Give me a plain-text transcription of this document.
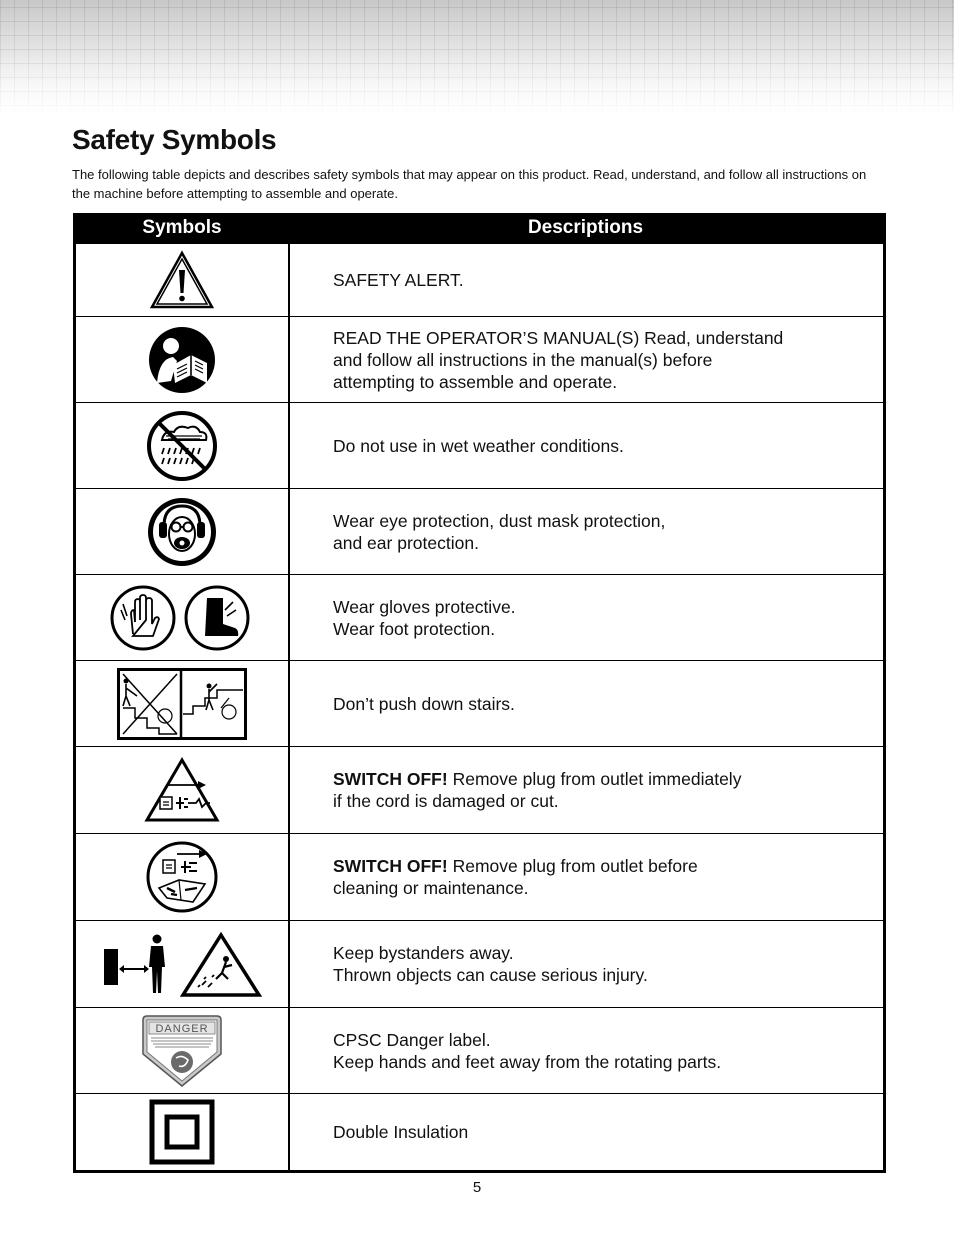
Safety Symbols

The following table depicts and describes safety symbols that may appear on this product. Read, understand, and follow all instructions on the machine before attempting to assemble and operate.

Symbols	Descriptions
SAFETY ALERT.
READ THE OPERATOR’S MANUAL(S) Read, understand
and follow all instructions in the manual(s) before
attempting to assemble and operate.
Do not use in wet weather conditions.
Wear eye protection, dust mask protection,
and ear protection.
Wear gloves protective.
Wear foot protection.
Don’t push down stairs.
SWITCH OFF! Remove plug from outlet immediately
if the cord is damaged or cut.
SWITCH OFF! Remove plug from outlet before
cleaning or maintenance.
Keep bystanders away.
Thrown objects can cause serious injury.
DANGER
CPSC Danger label.
Keep hands and feet away from the rotating parts.
Double Insulation
5
